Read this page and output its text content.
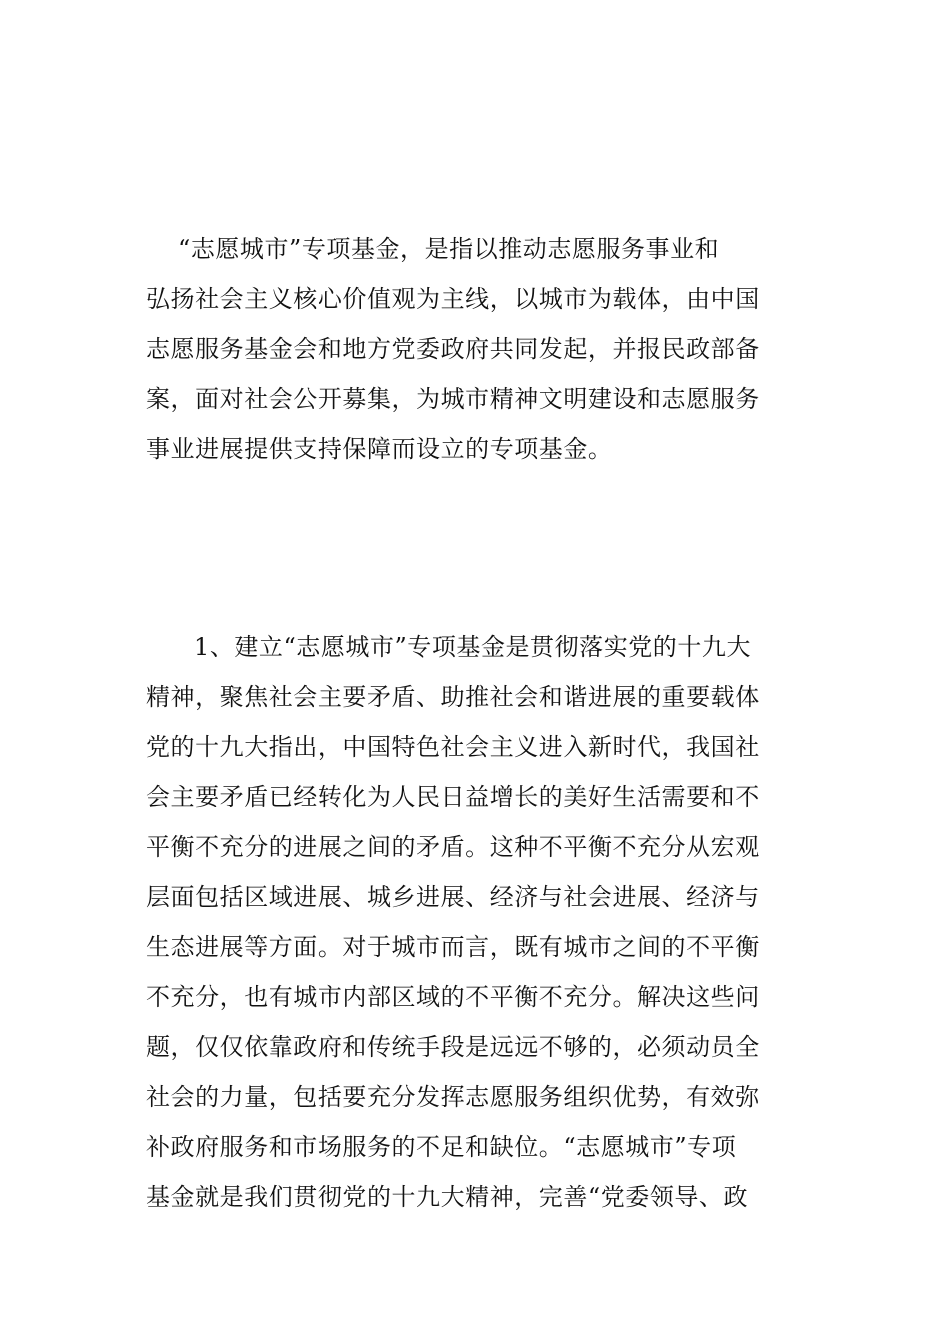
“志愿城市”专项基金，是指以推动志愿服务事业和
弘扬社会主义核心价值观为主线，以城市为载体，由中国
志愿服务基金会和地方党委政府共同发起，并报民政部备
案，面对社会公开募集，为城市精神文明建设和志愿服务
事业进展提供支持保障而设立的专项基金。
1、建立“志愿城市”专项基金是贯彻落实党的十九大
精神，聚焦社会主要矛盾、助推社会和谐进展的重要载体
党的十九大指出，中国特色社会主义进入新时代，我国社
会主要矛盾已经转化为人民日益增长的美好生活需要和不
平衡不充分的进展之间的矛盾。这种不平衡不充分从宏观
层面包括区域进展、城乡进展、经济与社会进展、经济与
生态进展等方面。对于城市而言，既有城市之间的不平衡
不充分，也有城市内部区域的不平衡不充分。解决这些问
题，仅仅依靠政府和传统手段是远远不够的，必须动员全
社会的力量，包括要充分发挥志愿服务组织优势，有效弥
补政府服务和市场服务的不足和缺位。“志愿城市”专项
基金就是我们贯彻党的十九大精神，完善“党委领导、政
